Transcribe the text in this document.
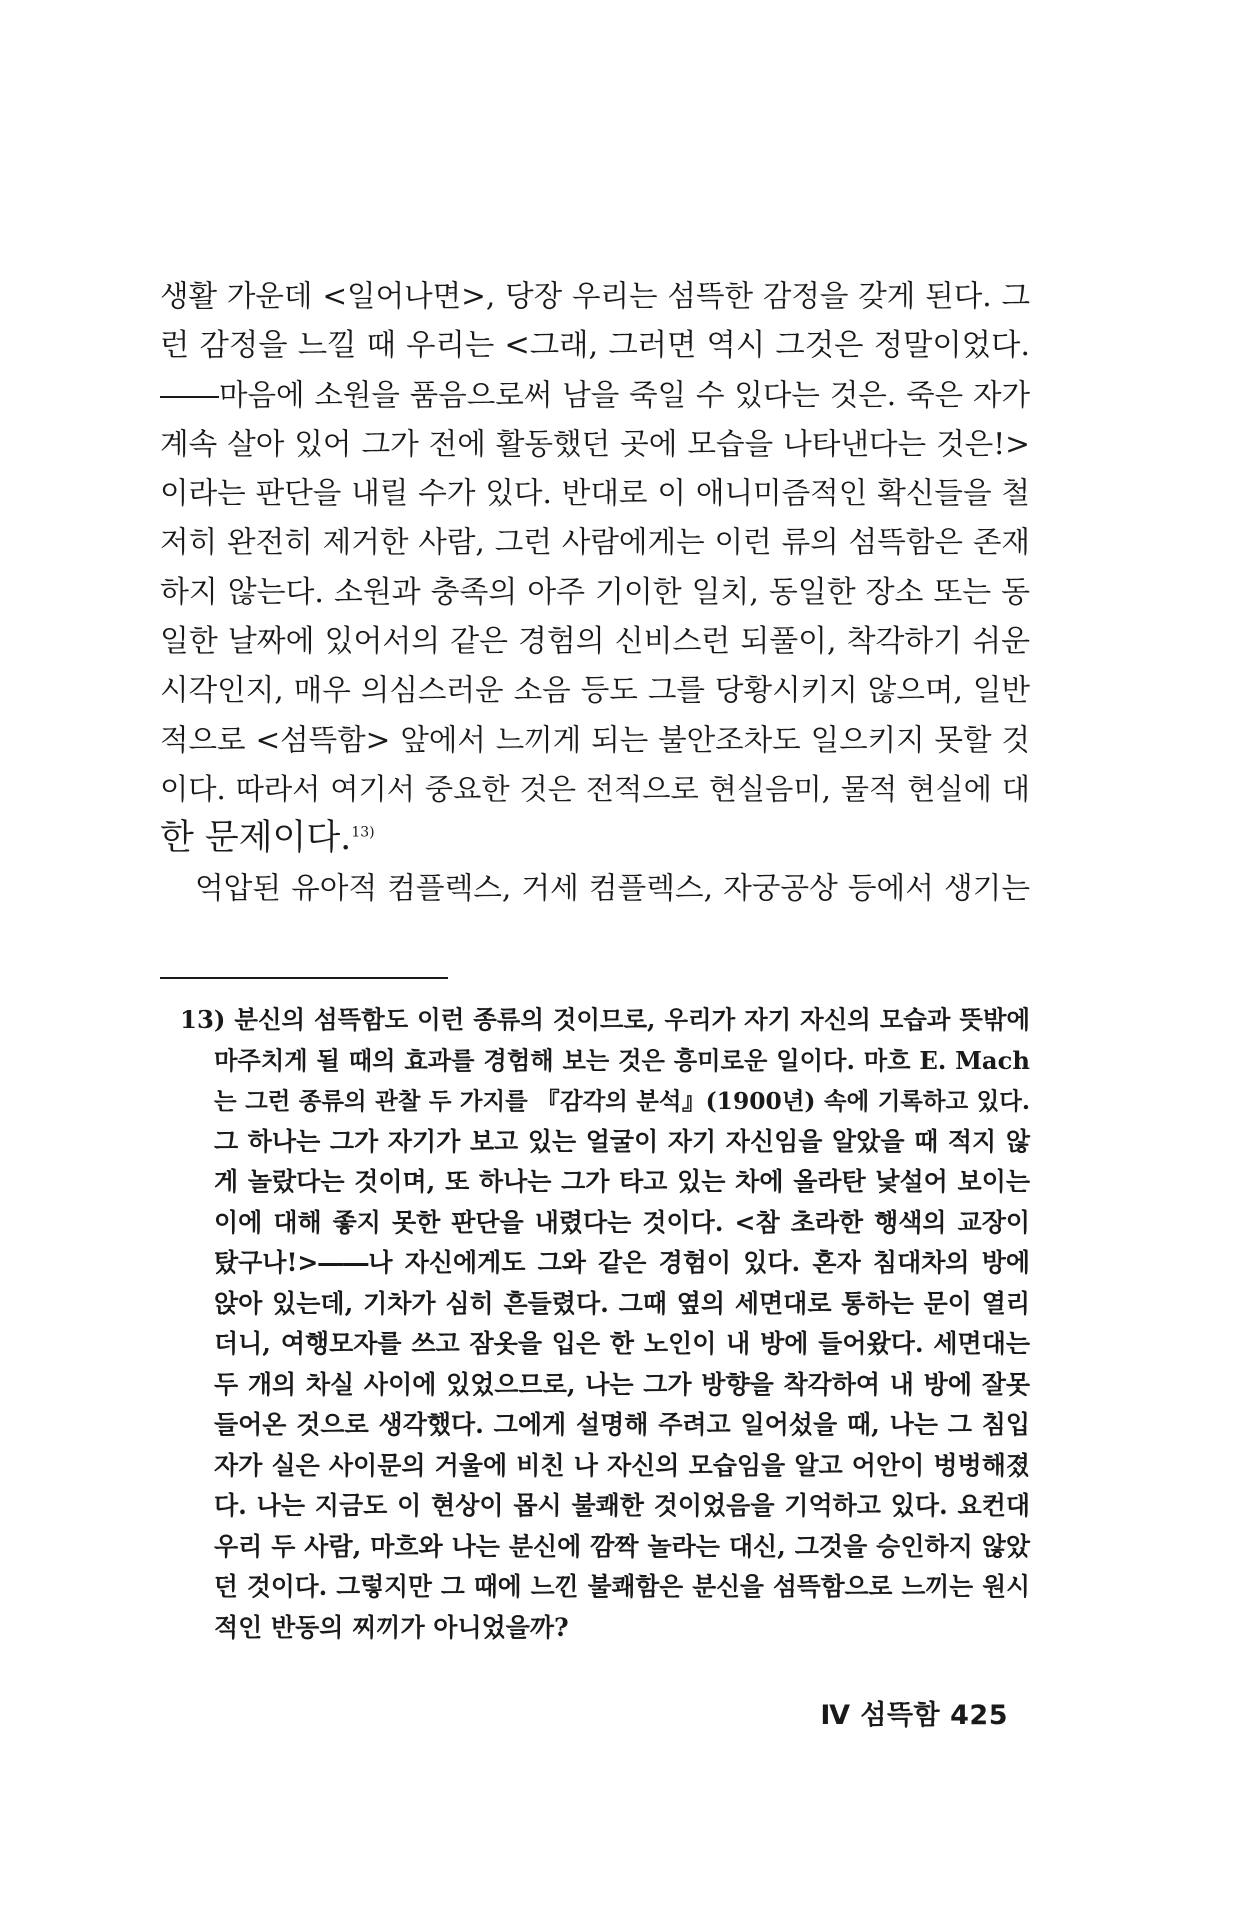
생활 가운데 <일어나면>, 당장 우리는 섬뜩한 감정을 갖게 된다. 그
런 감정을 느낄 때 우리는 <그래, 그러면 역시 그것은 정말이었다.
――마음에 소원을 품음으로써 남을 죽일 수 있다는 것은. 죽은 자가
계속 살아 있어 그가 전에 활동했던 곳에 모습을 나타낸다는 것은!>
이라는 판단을 내릴 수가 있다. 반대로 이 애니미즘적인 확신들을 철
저히 완전히 제거한 사람, 그런 사람에게는 이런 류의 섬뜩함은 존재
하지 않는다. 소원과 충족의 아주 기이한 일치, 동일한 장소 또는 동
일한 날짜에 있어서의 같은 경험의 신비스런 되풀이, 착각하기 쉬운
시각인지, 매우 의심스러운 소음 등도 그를 당황시키지 않으며, 일반
적으로 <섬뜩함> 앞에서 느끼게 되는 불안조차도 일으키지 못할 것
이다. 따라서 여기서 중요한 것은 전적으로 현실음미, 물적 현실에 대
한 문제이다.$^{13)}$
억압된 유아적 컴플렉스, 거세 컴플렉스, 자궁공상 등에서 생기는
13) 분신의 섬뜩함도 이런 종류의 것이므로, 우리가 자기 자신의 모습과 뜻밖에
마주치게 될 때의 효과를 경험해 보는 것은 흥미로운 일이다. 마흐 E. Mach
는 그런 종류의 관찰 두 가지를 『감각의 분석』(1900년) 속에 기록하고 있다.
그 하나는 그가 자기가 보고 있는 얼굴이 자기 자신임을 알았을 때 적지 않
게 놀랐다는 것이며, 또 하나는 그가 타고 있는 차에 올라탄 낯설어 보이는
이에 대해 좋지 못한 판단을 내렸다는 것이다. <참 초라한 행색의 교장이
탔구나!>――나 자신에게도 그와 같은 경험이 있다. 혼자 침대차의 방에
앉아 있는데, 기차가 심히 흔들렸다. 그때 옆의 세면대로 통하는 문이 열리
더니, 여행모자를 쓰고 잠옷을 입은 한 노인이 내 방에 들어왔다. 세면대는
두 개의 차실 사이에 있었으므로, 나는 그가 방향을 착각하여 내 방에 잘못
들어온 것으로 생각했다. 그에게 설명해 주려고 일어섰을 때, 나는 그 침입
자가 실은 사이문의 거울에 비친 나 자신의 모습임을 알고 어안이 벙벙해졌
다. 나는 지금도 이 현상이 몹시 불쾌한 것이었음을 기억하고 있다. 요컨대
우리 두 사람, 마흐와 나는 분신에 깜짝 놀라는 대신, 그것을 승인하지 않았
던 것이다. 그렇지만 그 때에 느낀 불쾌함은 분신을 섬뜩함으로 느끼는 원시
적인 반동의 찌끼가 아니었을까?
Ⅳ 섬뜩함 425
